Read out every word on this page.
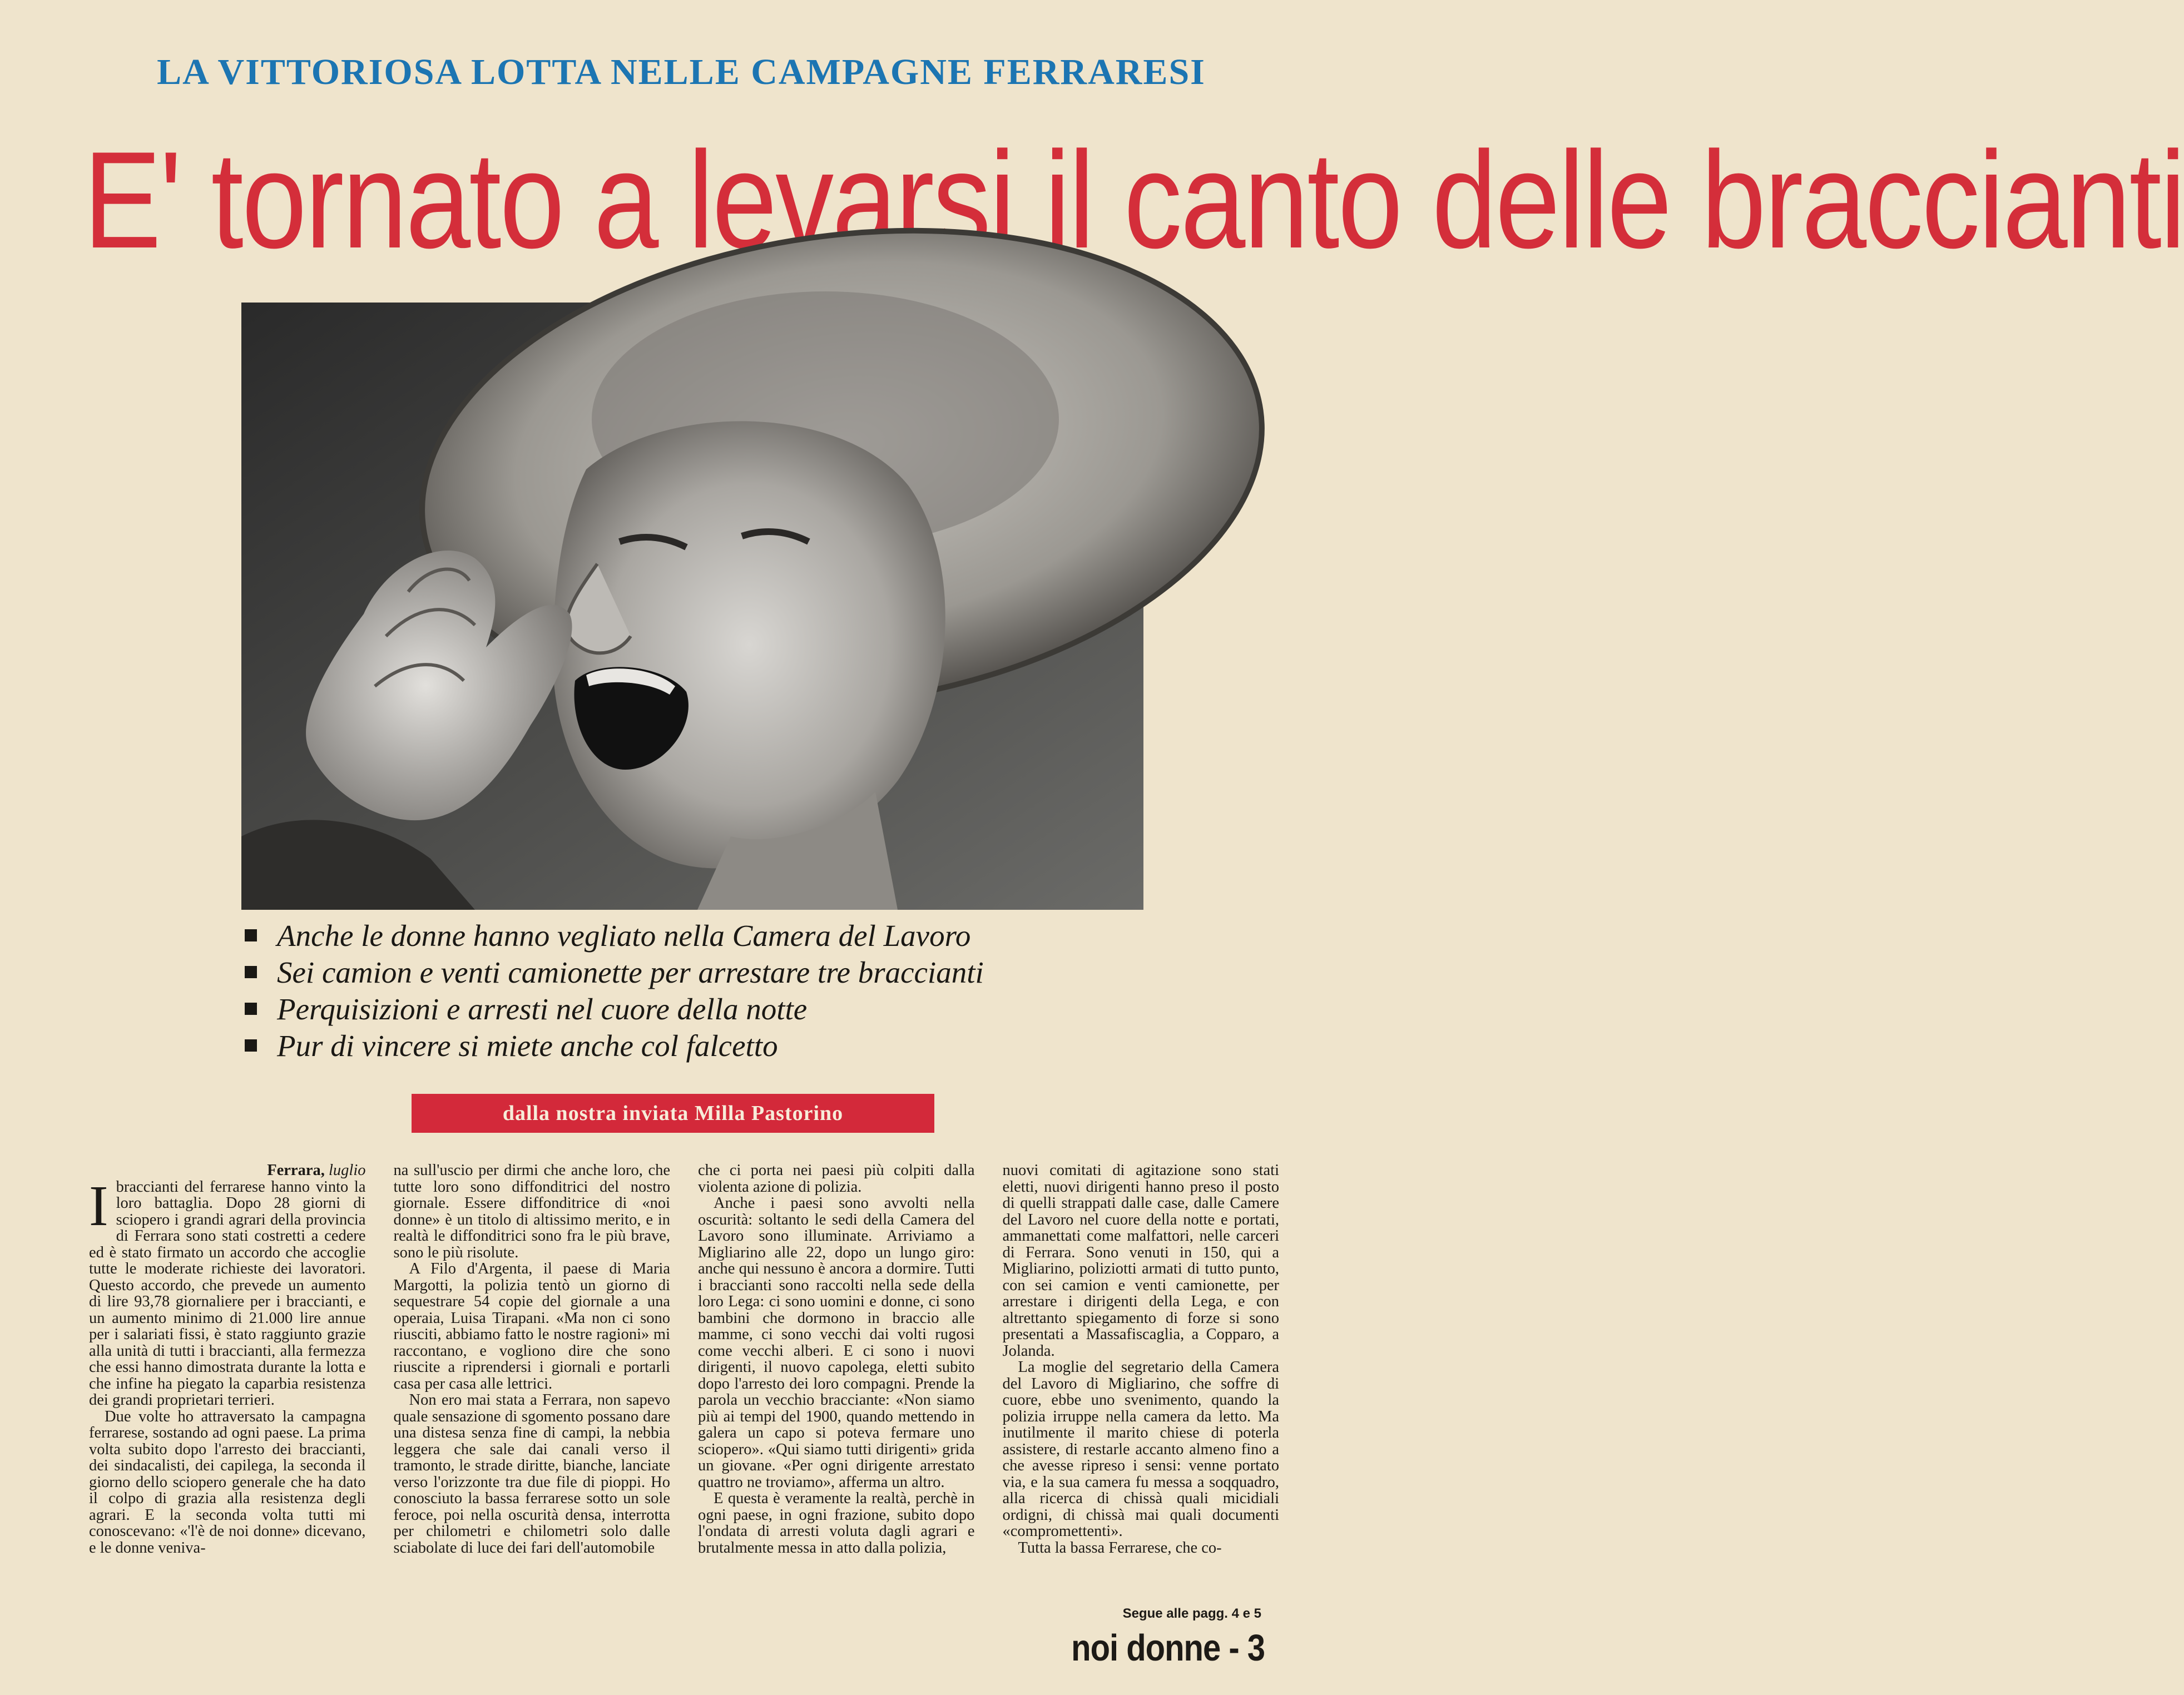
LA VITTORIOSA LOTTA NELLE CAMPAGNE FERRARESI
E' tornato a levarsi il canto delle braccianti
Anche le donne hanno vegliato nella Camera del Lavoro
Sei camion e venti camionette per arrestare tre braccianti
Perquisizioni e arresti nel cuore della notte
Pur di vincere si miete anche col falcetto
dalla nostra inviata Milla Pastorino

Ferrara, luglio

Ibraccianti del ferrarese hanno vinto la loro battaglia. Dopo 28 giorni di sciopero i grandi agrari della provincia di Ferrara sono stati costretti a cedere ed è stato firmato un accordo che accoglie tutte le moderate richieste dei lavoratori. Questo accordo, che prevede un aumento di lire 93,78 giornaliere per i braccianti, e un aumento minimo di 21.000 lire annue per i salariati fissi, è stato raggiunto grazie alla unità di tutti i braccianti, alla fermezza che essi hanno dimostrata durante la lotta e che infine ha piegato la caparbia resistenza dei grandi proprietari terrieri.

Due volte ho attraversato la campagna ferrarese, sostando ad ogni paese. La prima volta subito dopo l'arresto dei braccianti, dei sindacalisti, dei capilega, la seconda il giorno dello sciopero generale che ha dato il colpo di grazia alla resistenza degli agrari. E la seconda volta tutti mi conoscevano: «'l'è de noi donne» dicevano, e le donne veniva-

na sull'uscio per dirmi che anche loro, che tutte loro sono diffonditrici del nostro giornale. Essere diffonditrice di «noi donne» è un titolo di altissimo merito, e in realtà le diffonditrici sono fra le più brave, sono le più risolute.

A Filo d'Argenta, il paese di Maria Margotti, la polizia tentò un giorno di sequestrare 54 copie del giornale a una operaia, Luisa Tirapani. «Ma non ci sono riusciti, abbiamo fatto le nostre ragioni» mi raccontano, e vogliono dire che sono riuscite a riprendersi i giornali e portarli casa per casa alle lettrici.

Non ero mai stata a Ferrara, non sapevo quale sensazione di sgomento possano dare una distesa senza fine di campi, la nebbia leggera che sale dai canali verso il tramonto, le strade diritte, bianche, lanciate verso l'orizzonte tra due file di pioppi. Ho conosciuto la bassa ferrarese sotto un sole feroce, poi nella oscurità densa, interrotta per chilometri e chilometri solo dalle sciabolate di luce dei fari dell'automobile

che ci porta nei paesi più colpiti dalla violenta azione di polizia.

Anche i paesi sono avvolti nella oscurità: soltanto le sedi della Camera del Lavoro sono illuminate. Arriviamo a Migliarino alle 22, dopo un lungo giro: anche qui nessuno è ancora a dormire. Tutti i braccianti sono raccolti nella sede della loro Lega: ci sono uomini e donne, ci sono bambini che dormono in braccio alle mamme, ci sono vecchi dai volti rugosi come vecchi alberi. E ci sono i nuovi dirigenti, il nuovo capolega, eletti subito dopo l'arresto dei loro compagni. Prende la parola un vecchio bracciante: «Non siamo più ai tempi del 1900, quando mettendo in galera un capo si poteva fermare uno sciopero». «Qui siamo tutti dirigenti» grida un giovane. «Per ogni dirigente arrestato quattro ne troviamo», afferma un altro.

E questa è veramente la realtà, perchè in ogni paese, in ogni frazione, subito dopo l'ondata di arresti voluta dagli agrari e brutalmente messa in atto dalla polizia,

nuovi comitati di agitazione sono stati eletti, nuovi dirigenti hanno preso il posto di quelli strappati dalle case, dalle Camere del Lavoro nel cuore della notte e portati, ammanettati come malfattori, nelle carceri di Ferrara. Sono venuti in 150, qui a Migliarino, poliziotti armati di tutto punto, con sei camion e venti camionette, per arrestare i dirigenti della Lega, e con altrettanto spiegamento di forze si sono presentati a Massafiscaglia, a Copparo, a Jolanda.

La moglie del segretario della Camera del Lavoro di Migliarino, che soffre di cuore, ebbe uno svenimento, quando la polizia irruppe nella camera da letto. Ma inutilmente il marito chiese di poterla assistere, di restarle accanto almeno fino a che avesse ripreso i sensi: venne portato via, e la sua camera fu messa a soqquadro, alla ricerca di chissà quali micidiali ordigni, di chissà mai quali documenti «compromettenti».

Tutta la bassa Ferrarese, che co-

Segue alle pagg. 4 e 5
noi donne - 3
